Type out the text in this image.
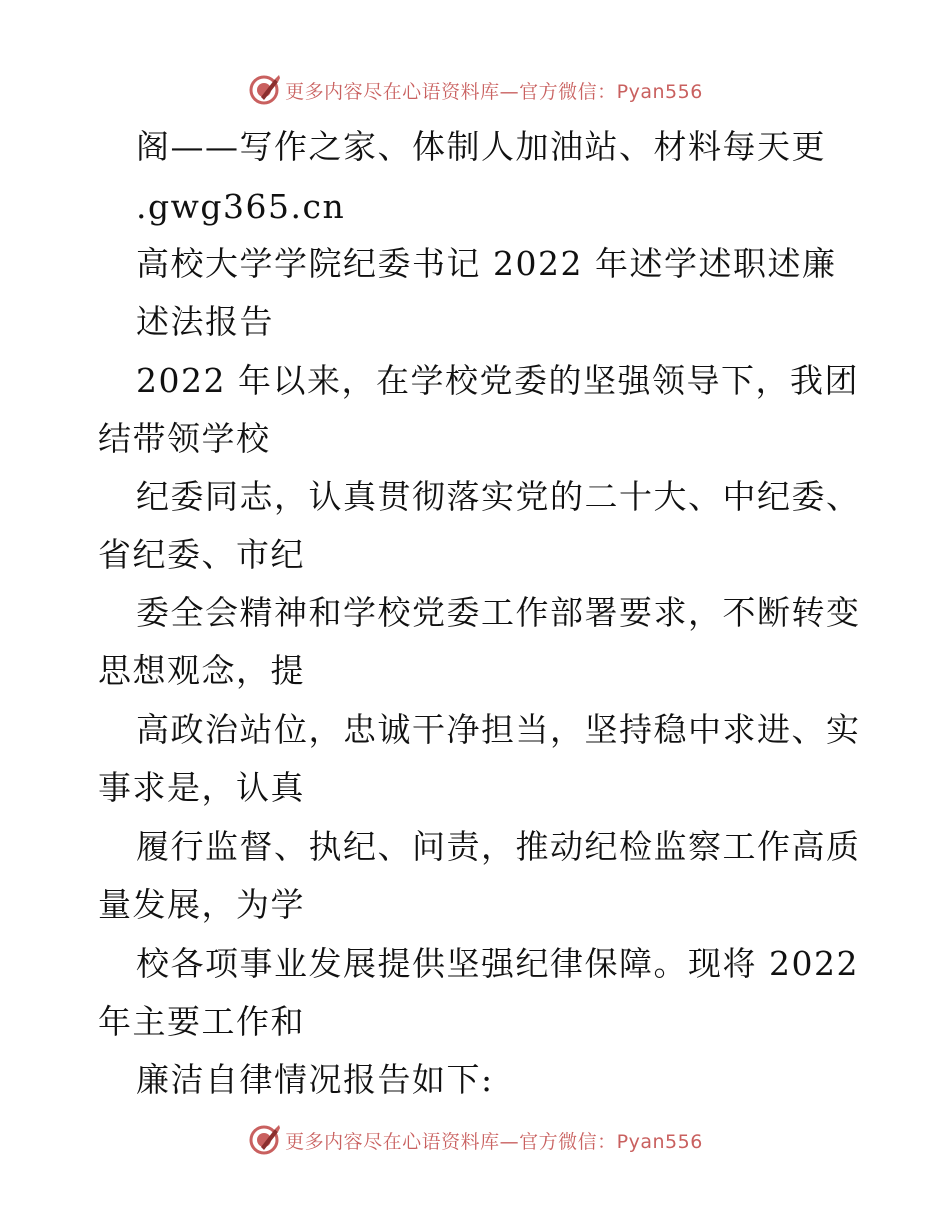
更多内容尽在心语资料库—官方微信：Pyan556
阁——写作之家、体制人加油站、材料每天更
.gwg365.cn
高校大学学院纪委书记 2022 年述学述职述廉
述法报告
2022 年以来，在学校党委的坚强领导下，我团
结带领学校
纪委同志，认真贯彻落实党的二十大、中纪委、
省纪委、市纪
委全会精神和学校党委工作部署要求，不断转变
思想观念，提
高政治站位，忠诚干净担当，坚持稳中求进、实
事求是，认真
履行监督、执纪、问责，推动纪检监察工作高质
量发展，为学
校各项事业发展提供坚强纪律保障。现将 2022
年主要工作和
廉洁自律情况报告如下:
更多内容尽在心语资料库—官方微信：Pyan556
